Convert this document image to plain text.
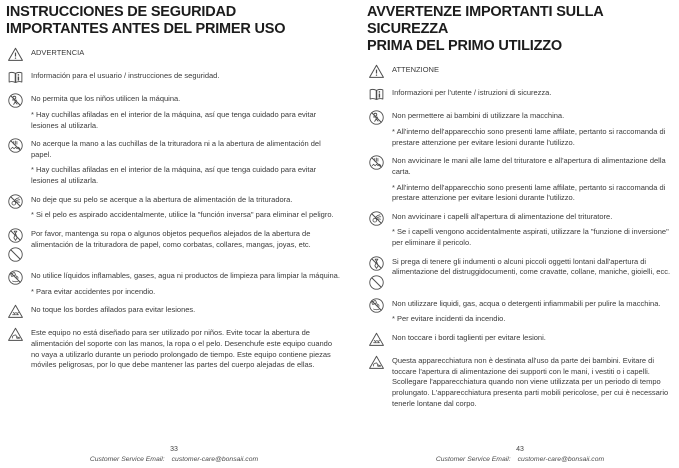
INSTRUCCIONES DE SEGURIDAD
IMPORTANTES ANTES DEL PRIMER USO

ADVERTENCIA

Información para el usuario / instrucciones de seguridad.

No permita que los niños utilicen la máquina.

* Hay cuchillas afiladas en el interior de la máquina, así que tenga cuidado para evitar lesiones al utilizarla.

No acerque la mano a las cuchillas de la trituradora ni a la abertura de alimentación del papel.

* Hay cuchillas afiladas en el interior de la máquina, así que tenga cuidado para evitar lesiones al utilizarla.

No deje que su pelo se acerque a la abertura de alimentación de la trituradora.

* Si el pelo es aspirado accidentalmente, utilice la "función inversa" para eliminar el peligro.

Por favor, mantenga su ropa o algunos objetos pequeños alejados de la abertura de alimentación de la trituradora de papel, como corbatas, collares, mangas, joyas, etc.

No utilice líquidos inflamables, gases, agua ni productos de limpieza para limpiar la máquina.

* Para evitar accidentes por incendio.

No toque los bordes afilados para evitar lesiones.

Este equipo no está diseñado para ser utilizado por niños. Evite tocar la abertura de alimentación del soporte con las manos, la ropa o el pelo. Desenchufe este equipo cuando no vaya a utilizarlo durante un periodo prolongado de tiempo. Este equipo contiene piezas móviles peligrosas, por lo que debe mantener las partes del cuerpo alejadas de ellas.

33
Customer Service Email: customer-care@bonsaii.com
AVVERTENZE IMPORTANTI SULLA SICUREZZA
PRIMA DEL PRIMO UTILIZZO

ATTENZIONE

Informazioni per l'utente / istruzioni di sicurezza.

Non permettere ai bambini di utilizzare la macchina.

* All'interno dell'apparecchio sono presenti lame affilate, pertanto si raccomanda di prestare attenzione per evitare lesioni durante l'utilizzo.

Non avvicinare le mani alle lame del trituratore e all'apertura di alimentazione della carta.

* All'interno dell'apparecchio sono presenti lame affilate, pertanto si raccomanda di prestare attenzione per evitare lesioni durante l'utilizzo.

Non avvicinare i capelli all'apertura di alimentazione del trituratore.

* Se i capelli vengono accidentalmente aspirati, utilizzare la "funzione di inversione" per eliminare il pericolo.

Si prega di tenere gli indumenti o alcuni piccoli oggetti lontani dall'apertura di alimentazione del distruggidocumenti, come cravatte, collane, maniche, gioielli, ecc.

Non utilizzare liquidi, gas, acqua o detergenti infiammabili per pulire la macchina.

* Per evitare incidenti da incendio.

Non toccare i bordi taglienti per evitare lesioni.

Questa apparecchiatura non è destinata all'uso da parte dei bambini. Evitare di toccare l'apertura di alimentazione dei supporti con le mani, i vestiti o i capelli. Scollegare l'apparecchiatura quando non viene utilizzata per un periodo di tempo prolungato. L'apparecchiatura presenta parti mobili pericolose, per cui è necessario tenerle lontane dal corpo.

43
Customer Service Email: customer-care@bonsaii.com
